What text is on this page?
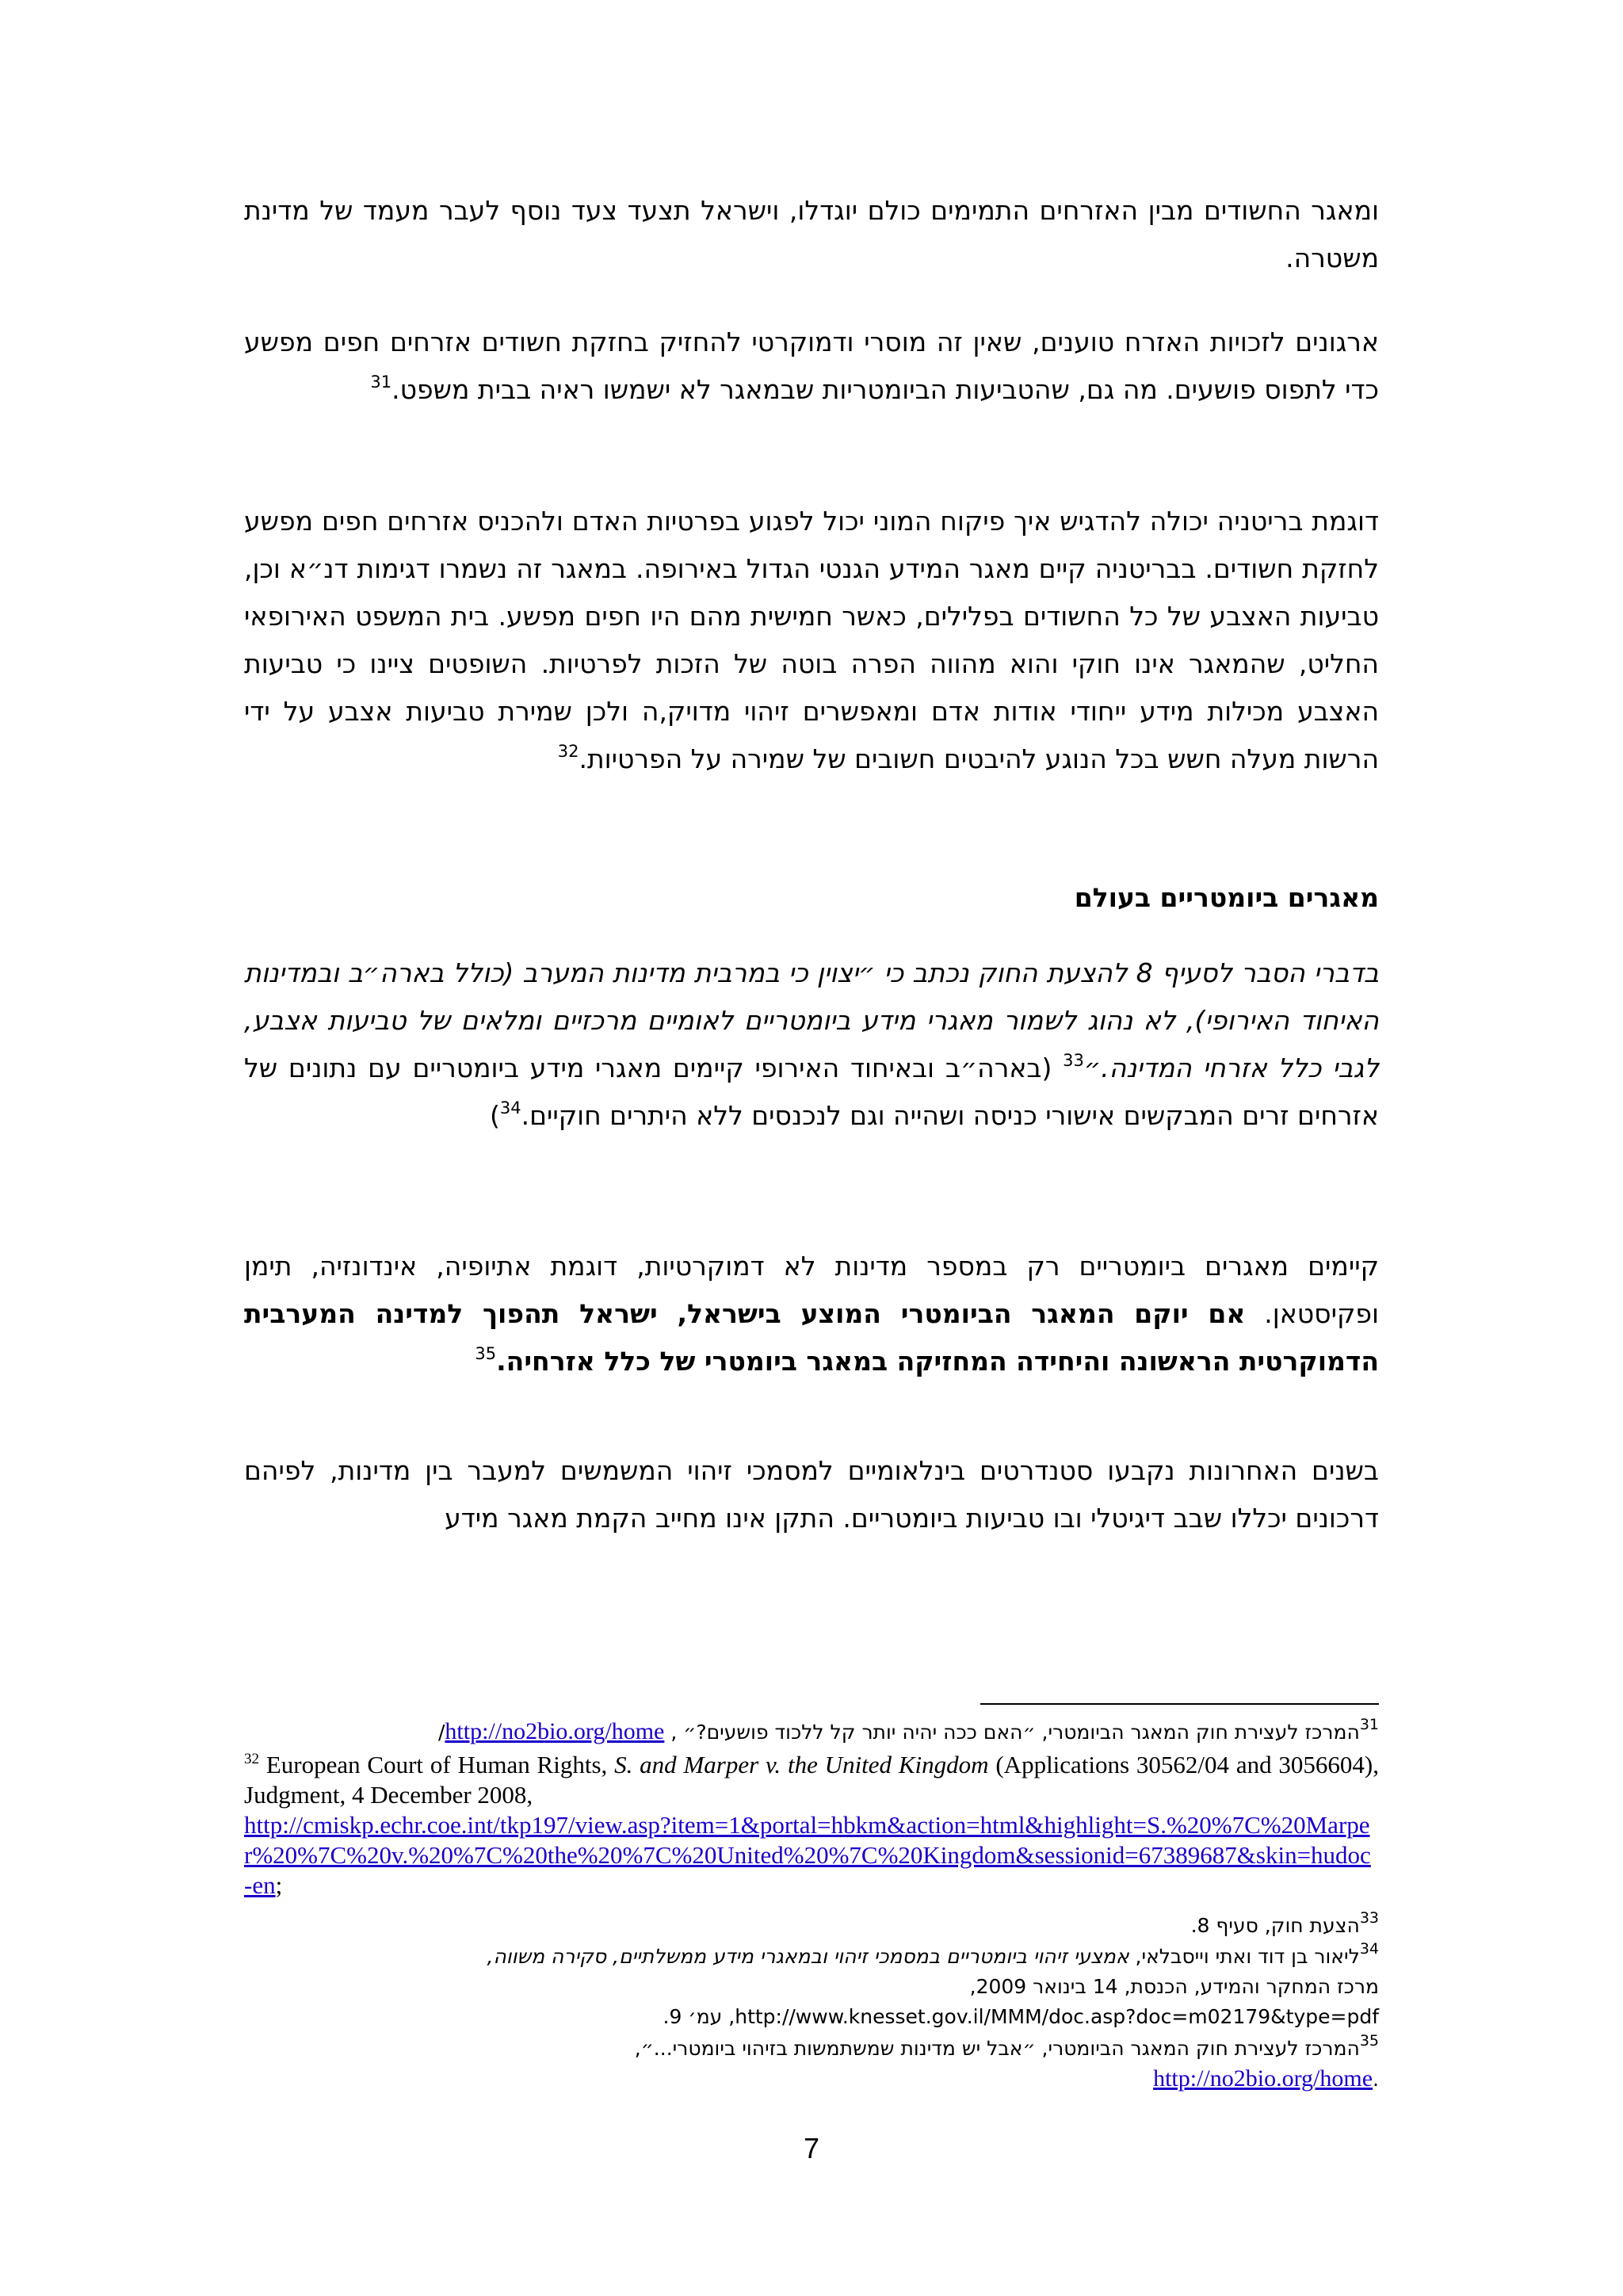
ומאגר החשודים מבין האזרחים התמימים כולם יוגדלו, וישראל תצעד צעד נוסף לעבר מעמד של מדינת משטרה.

ארגונים לזכויות האזרח טוענים, שאין זה מוסרי ודמוקרטי להחזיק בחזקת חשודים אזרחים חפים מפשע כדי לתפוס פושעים. מה גם, שהטביעות הביומטריות שבמאגר לא ישמשו ראיה בבית משפט.$^{31}$

דוגמת בריטניה יכולה להדגיש איך פיקוח המוני יכול לפגוע בפרטיות האדם ולהכניס אזרחים חפים מפשע לחזקת חשודים. בבריטניה קיים מאגר המידע הגנטי הגדול באירופה. במאגר זה נשמרו דגימות דנ״א וכן, טביעות האצבע של כל החשודים בפלילים, כאשר חמישית מהם היו חפים מפשע. בית המשפט האירופאי החליט, שהמאגר אינו חוקי והוא מהווה הפרה בוטה של הזכות לפרטיות. השופטים ציינו כי טביעות האצבע מכילות מידע ייחודי אודות אדם ומאפשרים זיהוי מדויק,ה ולכן שמירת טביעות אצבע על ידי הרשות מעלה חשש בכל הנוגע להיבטים חשובים של שמירה על הפרטיות.$^{32}$

מאגרים ביומטריים בעולם

בדברי הסבר לסעיף 8 להצעת החוק נכתב כי ״יצוין כי במרבית מדינות המערב (כולל בארה״ב ובמדינות האיחוד האירופי), לא נהוג לשמור מאגרי מידע ביומטריים לאומיים מרכזיים ומלאים של טביעות אצבע, לגבי כלל אזרחי המדינה.״$^{33}$ (בארה״ב ובאיחוד האירופי קיימים מאגרי מידע ביומטריים עם נתונים של אזרחים זרים המבקשים אישורי כניסה ושהייה וגם לנכנסים ללא היתרים חוקיים.$^{34}$)

קיימים מאגרים ביומטריים רק במספר מדינות לא דמוקרטיות, דוגמת אתיופיה, אינדונזיה, תימן ופקיסטאן. אם יוקם המאגר הביומטרי המוצע בישראל, ישראל תהפוך למדינה המערבית הדמוקרטית הראשונה והיחידה המחזיקה במאגר ביומטרי של כלל אזרחיה.$^{35}$

בשנים האחרונות נקבעו סטנדרטים בינלאומיים למסמכי זיהוי המשמשים למעבר בין מדינות, לפיהם דרכונים יכללו שבב דיגיטלי ובו טביעות ביומטריים. התקן אינו מחייב הקמת מאגר מידע

$^{31}$המרכז לעצירת חוק המאגר הביומטרי, ״האם ככה יהיה יותר קל ללכוד פושעים?״ , http://no2bio.org/home/
$^{32}$ European Court of Human Rights, S. and Marper v. the United Kingdom (Applications 30562/04 and 3056604), Judgment, 4 December 2008,
http://cmiskp.echr.coe.int/tkp197/view.asp?item=1&portal=hbkm&action=html&highlight=S.%20%7C%20Marper%20%7C%20v.%20%7C%20the%20%7C%20United%20%7C%20Kingdom&sessionid=67389687&skin=hudoc-en;
$^{33}$הצעת חוק, סעיף 8.
$^{34}$ליאור בן דוד ואתי וייסבלאי, אמצעי זיהוי ביומטריים במסמכי זיהוי ובמאגרי מידע ממשלתיים, סקירה משווה,
מרכז המחקר והמידע, הכנסת, 14 בינואר 2009,
http://www.knesset.gov.il/MMM/doc.asp?doc=m02179&type=pdf, עמ׳ 9.
$^{35}$המרכז לעצירת חוק המאגר הביומטרי, ״אבל יש מדינות שמשתמשות בזיהוי ביומטרי...״,
.http://no2bio.org/home
7
